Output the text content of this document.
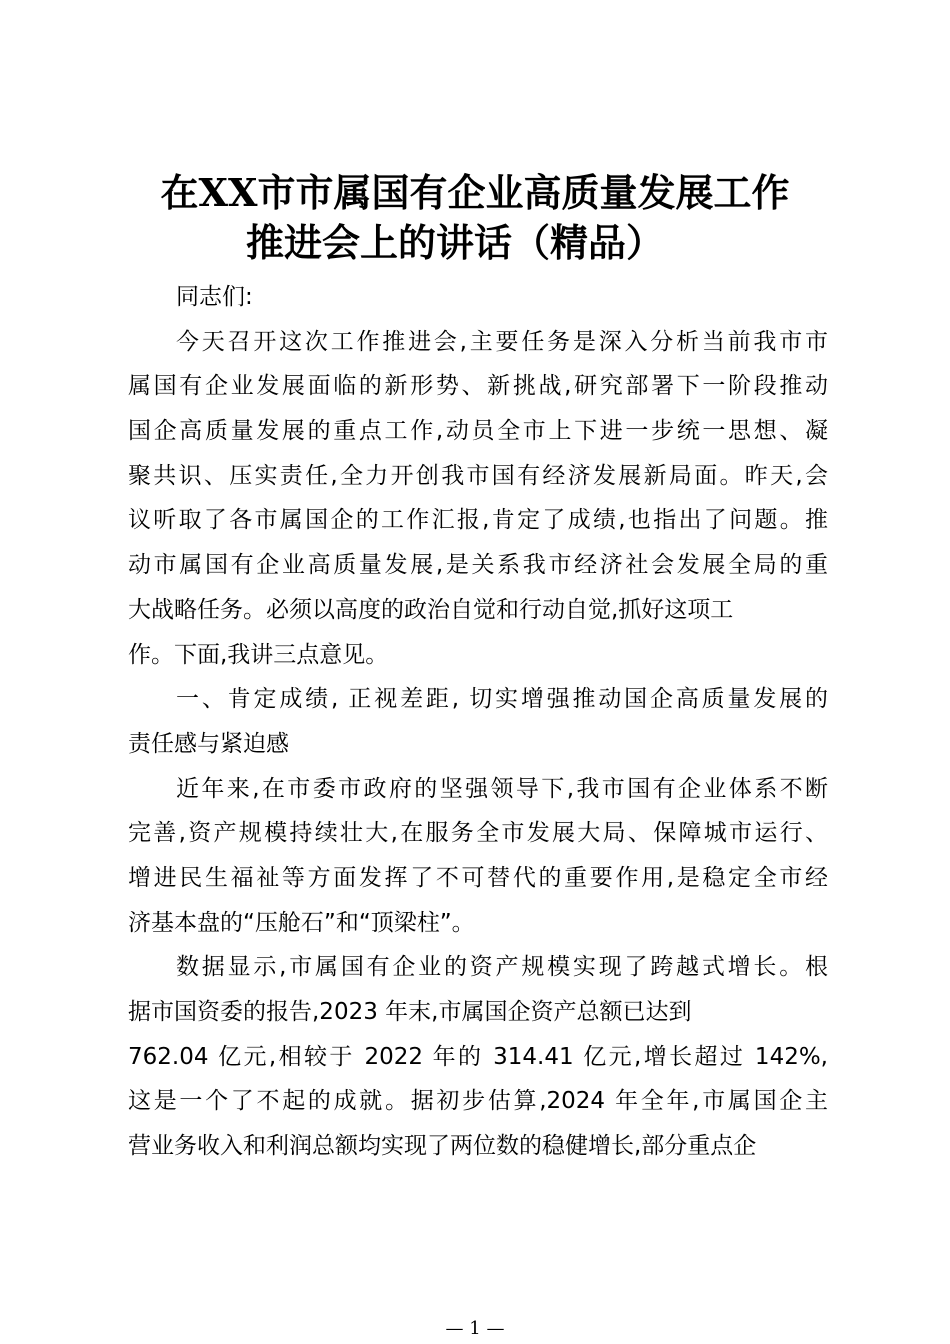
在XX市市属国有企业高质量发展工作
推进会上的讲话（精品）
同志们:
今天召开这次工作推进会,主要任务是深入分析当前我市市
属国有企业发展面临的新形势、新挑战,研究部署下一阶段推动
国企高质量发展的重点工作,动员全市上下进一步统一思想、凝
聚共识、压实责任,全力开创我市国有经济发展新局面。昨天,会
议听取了各市属国企的工作汇报,肯定了成绩,也指出了问题。推
动市属国有企业高质量发展,是关系我市经济社会发展全局的重
大战略任务。必须以高度的政治自觉和行动自觉,抓好这项工
作。下面,我讲三点意见。
一、肯定成绩, 正视差距, 切实增强推动国企高质量发展的
责任感与紧迫感
近年来,在市委市政府的坚强领导下,我市国有企业体系不断
完善,资产规模持续壮大,在服务全市发展大局、保障城市运行、
增进民生福祉等方面发挥了不可替代的重要作用,是稳定全市经
济基本盘的“压舱石”和“顶梁柱”。
数据显示,市属国有企业的资产规模实现了跨越式增长。根
据市国资委的报告,2023 年末,市属国企资产总额已达到
762.04 亿元,相较于 2022 年的 314.41 亿元,增长超过 142%,
这是一个了不起的成就。据初步估算,2024 年全年,市属国企主
营业务收入和利润总额均实现了两位数的稳健增长,部分重点企
— 1 —
